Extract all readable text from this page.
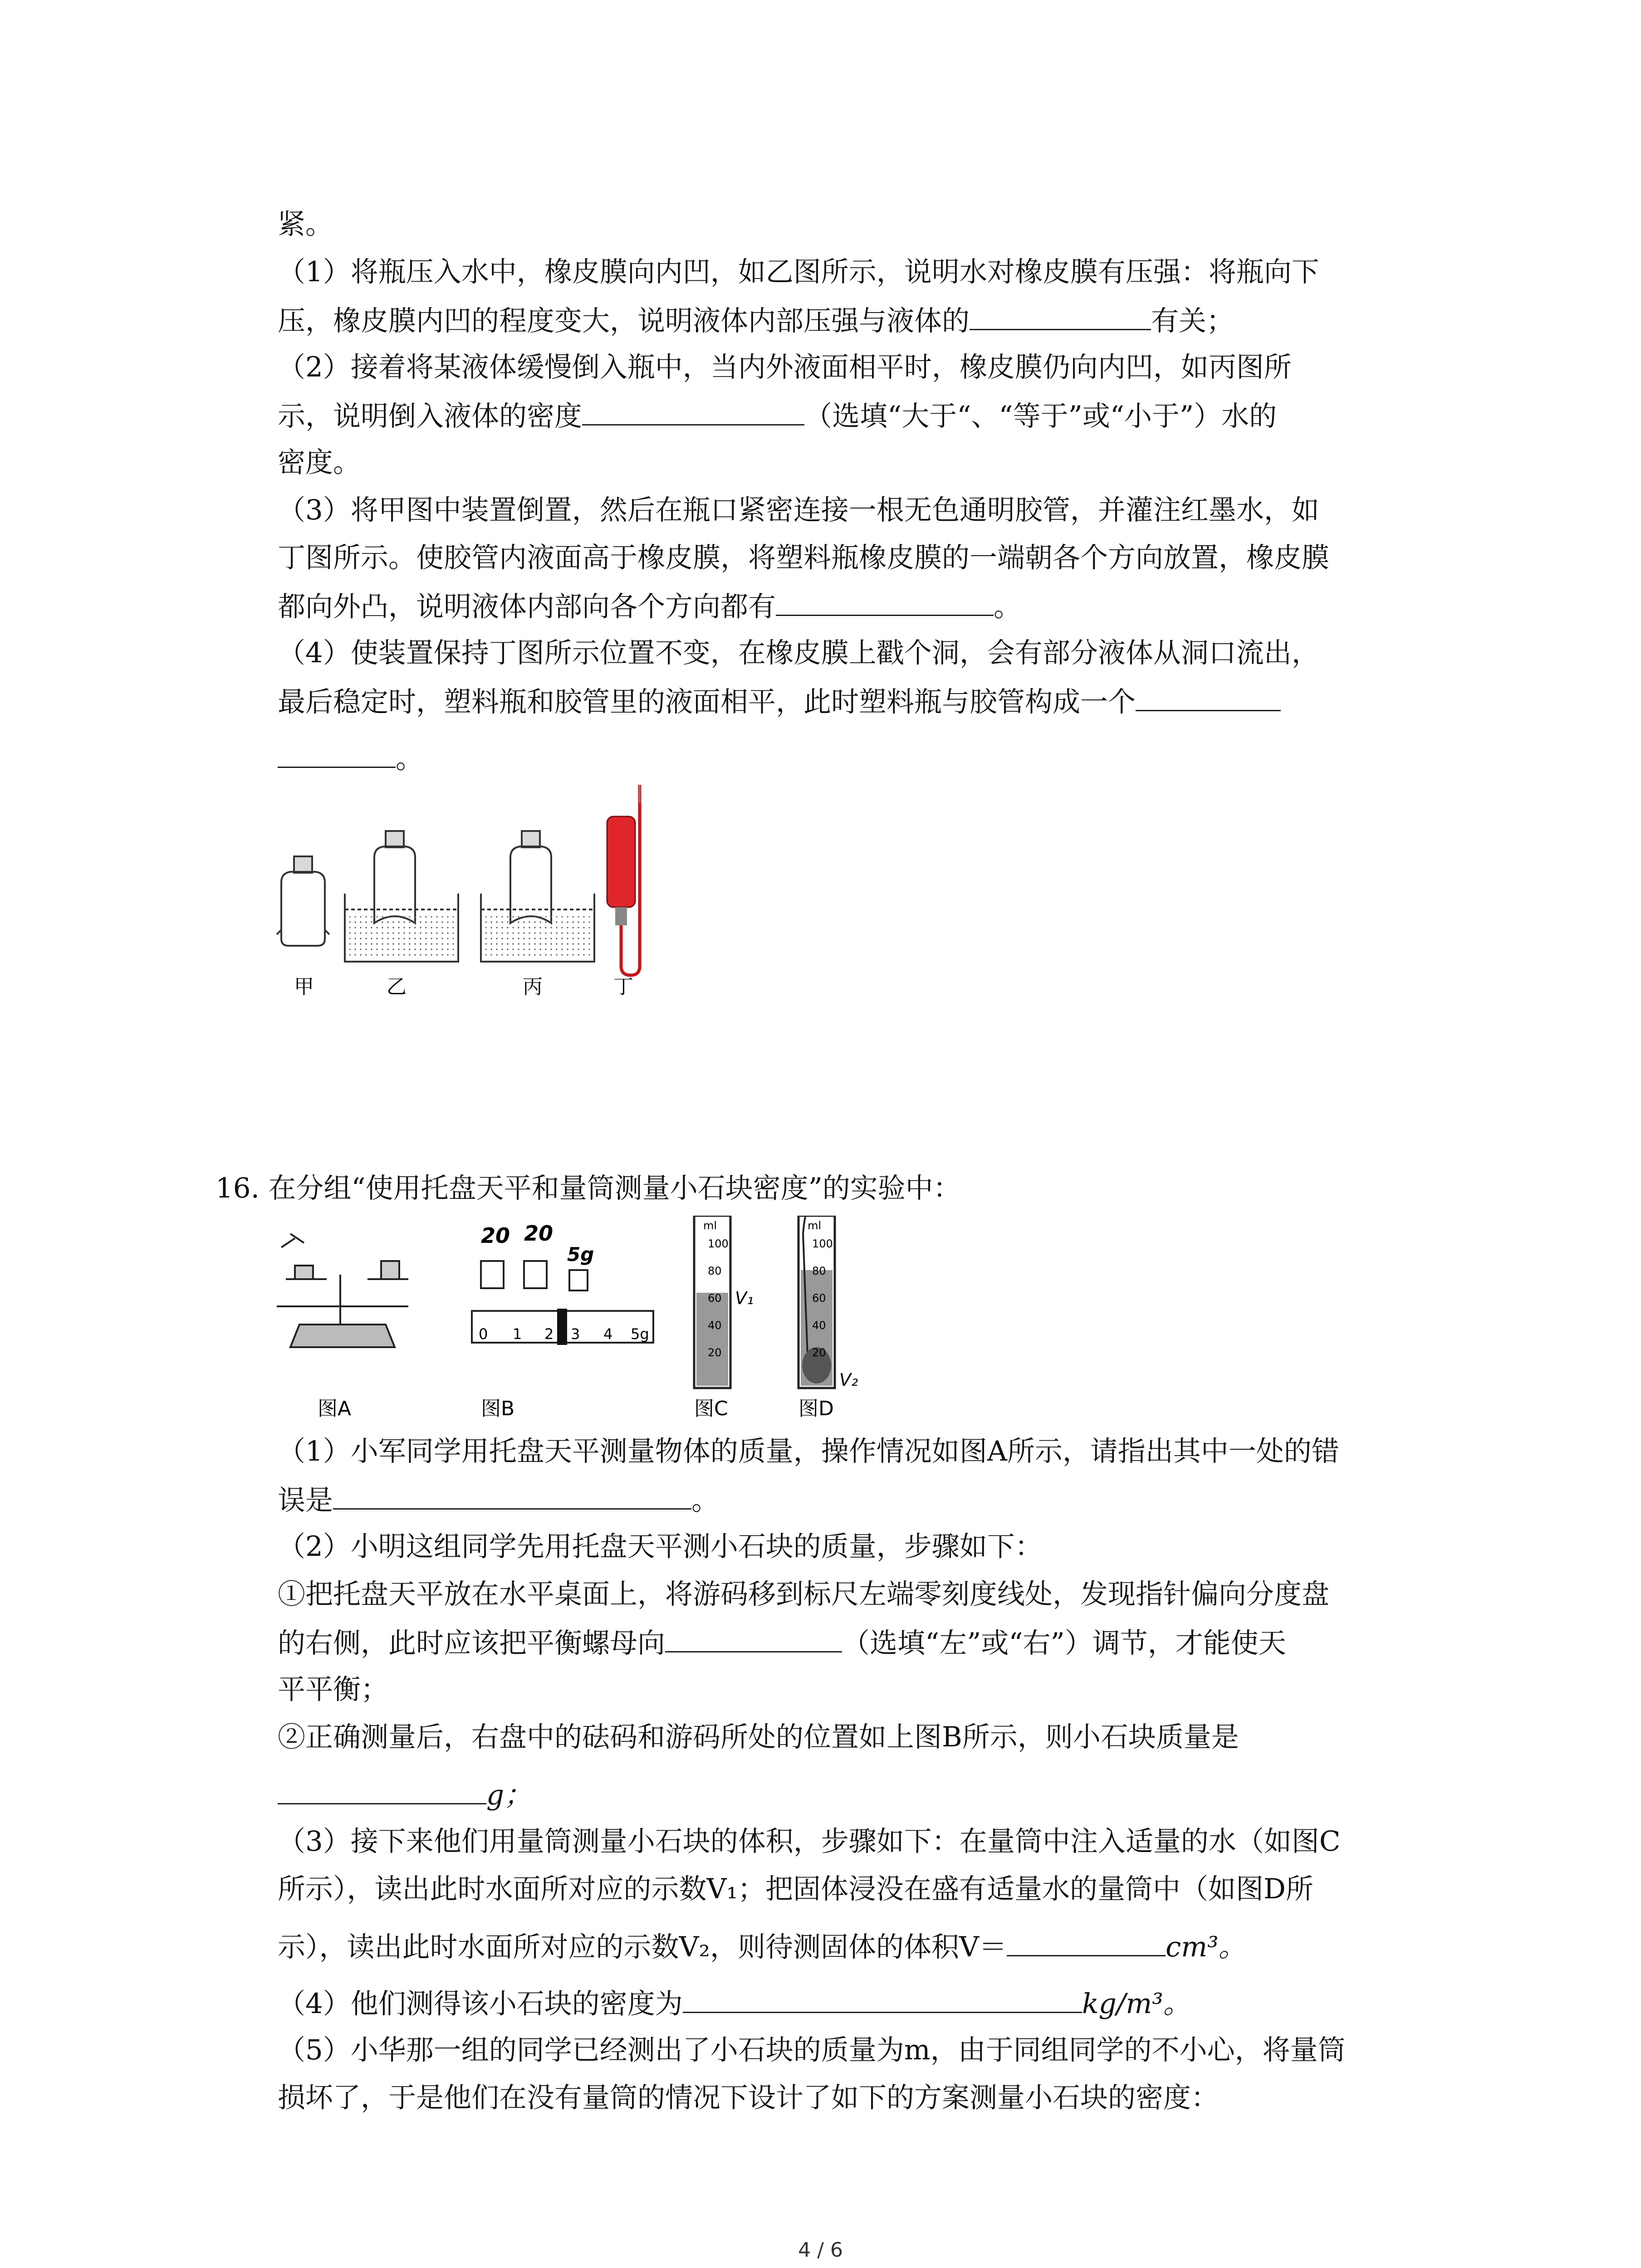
紧。
（1）将瓶压入水中，橡皮膜向内凹，如乙图所示，说明水对橡皮膜有压强：将瓶向下
压，橡皮膜内凹的程度变大，说明液体内部压强与液体的	有关；
（2）接着将某液体缓慢倒入瓶中，当内外液面相平时，橡皮膜仍向内凹，如丙图所
示，说明倒入液体的密度	（选填“大于“、“等于”或“小于”）水的
密度。
（3）将甲图中装置倒置，然后在瓶口紧密连接一根无色通明胶管，并灌注红墨水，如
丁图所示。使胶管内液面高于橡皮膜，将塑料瓶橡皮膜的一端朝各个方向放置，橡皮膜
都向外凸，说明液体内部向各个方向都有	。
（4）使装置保持丁图所示位置不变，在橡皮膜上戳个洞，会有部分液体从洞口流出，
最后稳定时，塑料瓶和胶管里的液面相平，此时塑料瓶与胶管构成一个
。
甲	乙	丙	丁
16. 在分组“使用托盘天平和量筒测量小石块密度”的实验中：
20 20
5g
0 1 2 3 4 5g
ml
100
80
60
40
20
V₁
ml
100
80
60
40
20
V₂
图A	图B	图C	图D
（1）小军同学用托盘天平测量物体的质量，操作情况如图A所示，请指出其中一处的错
误是	。
（2）小明这组同学先用托盘天平测小石块的质量，步骤如下：
①把托盘天平放在水平桌面上，将游码移到标尺左端零刻度线处，发现指针偏向分度盘
的右侧，此时应该把平衡螺母向	（选填“左”或“右”）调节，才能使天
平平衡；
②正确测量后，右盘中的砝码和游码所处的位置如上图B所示，则小石块质量是
g；
（3）接下来他们用量筒测量小石块的体积，步骤如下：在量筒中注入适量的水（如图C
所示），读出此时水面所对应的示数V₁；把固体浸没在盛有适量水的量筒中（如图D所
示），读出此时水面所对应的示数V₂，则待测固体的体积V＝	cm³。
（4）他们测得该小石块的密度为	kg/m³。
（5）小华那一组的同学已经测出了小石块的质量为m，由于同组同学的不小心，将量筒
损坏了，于是他们在没有量筒的情况下设计了如下的方案测量小石块的密度：
4 / 6
